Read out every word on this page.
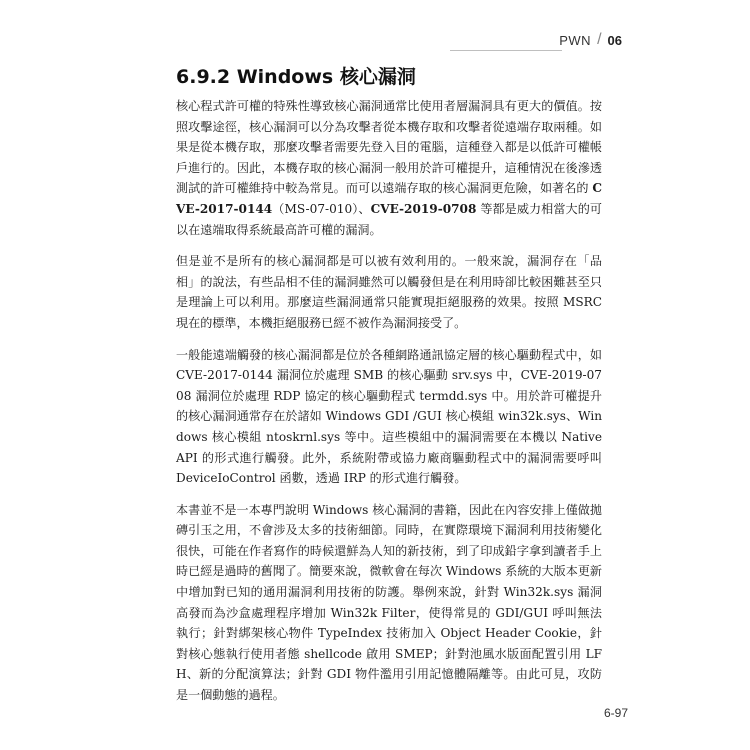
PWN / 06
6.9.2 Windows 核心漏洞

核心程式許可權的特殊性導致核心漏洞通常比使用者層漏洞具有更大的價值。按照攻擊途徑，核心漏洞可以分為攻擊者從本機存取和攻擊者從遠端存取兩種。如果是從本機存取，那麼攻擊者需要先登入目的電腦，這種登入都是以低許可權帳戶進行的。因此，本機存取的核心漏洞一般用於許可權提升，這種情況在後滲透測試的許可權維持中較為常見。而可以遠端存取的核心漏洞更危險，如著名的 CVE-2017-0144（MS-07-010）、CVE-2019-0708 等都是威力相當大的可以在遠端取得系統最高許可權的漏洞。

但是並不是所有的核心漏洞都是可以被有效利用的。一般來說，漏洞存在「品相」的說法，有些品相不佳的漏洞雖然可以觸發但是在利用時卻比較困難甚至只是理論上可以利用。那麼這些漏洞通常只能實現拒絕服務的效果。按照 MSRC 現在的標準，本機拒絕服務已經不被作為漏洞接受了。

一般能遠端觸發的核心漏洞都是位於各種網路通訊協定層的核心驅動程式中，如 CVE-2017-0144 漏洞位於處理 SMB 的核心驅動 srv.sys 中，CVE-2019-0708 漏洞位於處理 RDP 協定的核心驅動程式 termdd.sys 中。用於許可權提升的核心漏洞通常存在於諸如 Windows GDI /GUI 核心模組 win32k.sys、Windows 核心模組 ntoskrnl.sys 等中。這些模組中的漏洞需要在本機以 Native API 的形式進行觸發。此外，系統附帶或協力廠商驅動程式中的漏洞需要呼叫 DeviceIoControl 函數，透過 IRP 的形式進行觸發。

本書並不是一本專門說明 Windows 核心漏洞的書籍，因此在內容安排上僅做拋磚引玉之用，不會涉及太多的技術細節。同時，在實際環境下漏洞利用技術變化很快，可能在作者寫作的時候還鮮為人知的新技術，到了印成鉛字拿到讀者手上時已經是過時的舊聞了。簡要來說，微軟會在每次 Windows 系統的大版本更新中增加對已知的通用漏洞利用技術的防護。舉例來說，針對 Win32k.sys 漏洞高發而為沙盒處理程序增加 Win32k Filter，使得常見的 GDI/GUI 呼叫無法執行；針對綁架核心物件 TypeIndex 技術加入 Object Header Cookie，針對核心態執行使用者態 shellcode 啟用 SMEP；針對池風水版面配置引用 LFH、新的分配演算法；針對 GDI 物件濫用引用記憶體隔離等。由此可見，攻防是一個動態的過程。

6-97
